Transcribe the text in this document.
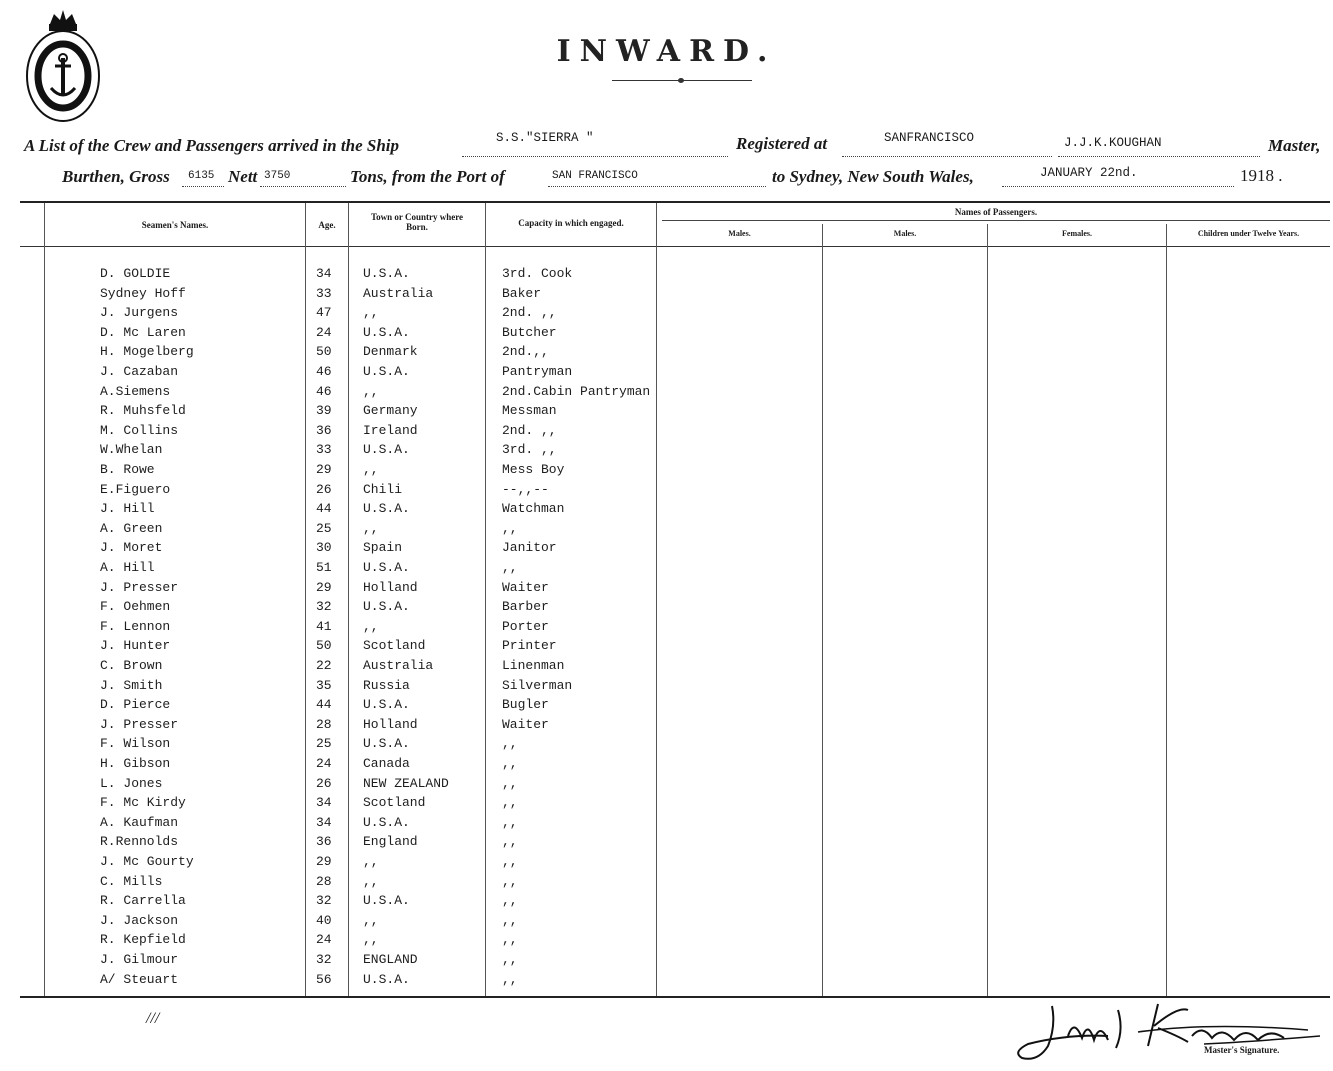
INWARD.
A List of the Crew and Passengers arrived in the Ship	S.S."SIERRA "	Registered at	SANFRANCISCO	J.J.K.KOUGHAN	Master,
Burthen, Gross 6135 Nett 3750	Tons, from the Port of	SAN FRANCISCO	to Sydney, New South Wales,	JANUARY 22nd.	1918 .
Seamen's Names.	Age.
Town or Country where Born.	Capacity in which engaged.
Names of Passengers.
Males.	Males.	Females.	Children under Twelve Years.

D. GOLDIE	34 U.S.A.	3rd. Cook
Sydney Hoff	33 Australia	Baker
J. Jurgens	47 ,,	2nd. ,,
D. Mc Laren	24 U.S.A.	Butcher
H. Mogelberg	50 Denmark	2nd.,,
J. Cazaban	46 U.S.A.	Pantryman
A.Siemens	46 ,,	2nd.Cabin Pantryman
R. Muhsfeld	39 Germany	Messman
M. Collins	36 Ireland	2nd. ,,
W.Whelan	33 U.S.A.	3rd. ,,
B. Rowe	29 ,,	Mess Boy
E.Figuero	26 Chili	--,,--
J. Hill	44 U.S.A.	Watchman
A. Green	25 ,,	,,
J. Moret	30 Spain	Janitor
A. Hill	51 U.S.A.	,,
J. Presser	29 Holland	Waiter
F. Oehmen	32 U.S.A.	Barber
F. Lennon	41 ,,	Porter
J. Hunter	50 Scotland	Printer
C. Brown	22 Australia	Linenman
J. Smith	35 Russia	Silverman
D. Pierce	44 U.S.A.	Bugler
J. Presser	28 Holland	Waiter
F. Wilson	25 U.S.A.	,,
H. Gibson	24 Canada	,,
L. Jones	26 NEW ZEALAND	,,
F. Mc Kirdy	34 Scotland	,,
A. Kaufman	34 U.S.A.	,,
R.Rennolds	36 England	,,
J. Mc Gourty	29 ,,	,,
C. Mills	28 ,,	,,
R. Carrella	32 U.S.A.	,,
J. Jackson	40 ,,	,,
R. Kepfield	24 ,,	,,
J. Gilmour	32 ENGLAND	,,
A/ Steuart	56 U.S.A.	,,
///
Master's Signature.
